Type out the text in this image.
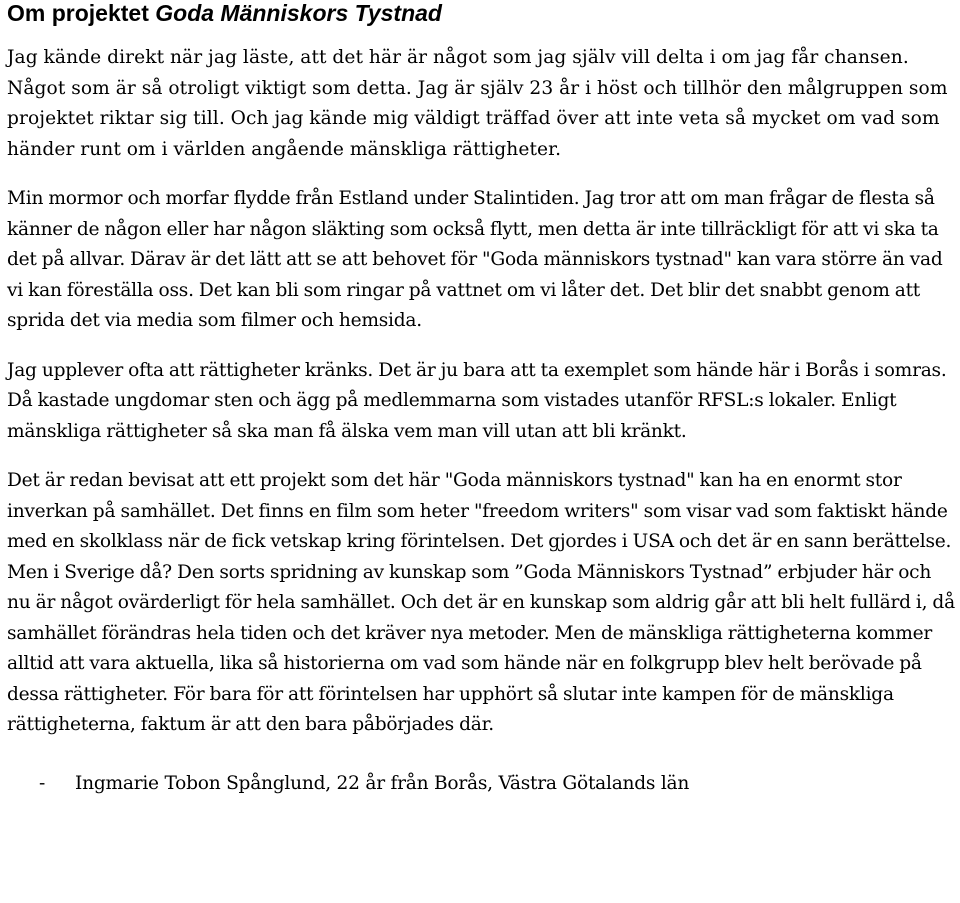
Om projektet Goda Människors Tystnad

Jag kände direkt när jag läste, att det här är något som jag själv vill delta i om jag får chansen. Något som är så otroligt viktigt som detta. Jag är själv 23 år i höst och tillhör den målgruppen som projektet riktar sig till. Och jag kände mig väldigt träffad över att inte veta så mycket om vad som händer runt om i världen angående mänskliga rättigheter.

Min mormor och morfar flydde från Estland under Stalintiden. Jag tror att om man frågar de flesta så känner de någon eller har någon släkting som också flytt, men detta är inte tillräckligt för att vi ska ta det på allvar. Därav är det lätt att se att behovet för "Goda människors tystnad" kan vara större än vad vi kan föreställa oss. Det kan bli som ringar på vattnet om vi låter det. Det blir det snabbt genom att sprida det via media som filmer och hemsida.

Jag upplever ofta att rättigheter kränks. Det är ju bara att ta exemplet som hände här i Borås i somras. Då kastade ungdomar sten och ägg på medlemmarna som vistades utanför RFSL:s lokaler. Enligt mänskliga rättigheter så ska man få älska vem man vill utan att bli kränkt.

Det är redan bevisat att ett projekt som det här "Goda människors tystnad" kan ha en enormt stor inverkan på samhället. Det finns en film som heter "freedom writers" som visar vad som faktiskt hände med en skolklass när de fick vetskap kring förintelsen. Det gjordes i USA och det är en sann berättelse. Men i Sverige då? Den sorts spridning av kunskap som ”Goda Människors Tystnad” erbjuder här och nu är något ovärderligt för hela samhället. Och det är en kunskap som aldrig går att bli helt fullärd i, då samhället förändras hela tiden och det kräver nya metoder. Men de mänskliga rättigheterna kommer alltid att vara aktuella, lika så historierna om vad som hände när en folkgrupp blev helt berövade på dessa rättigheter. För bara för att förintelsen har upphört så slutar inte kampen för de mänskliga rättigheterna, faktum är att den bara påbörjades där.

-	Ingmarie Tobon Spånglund, 22 år från Borås, Västra Götalands län
